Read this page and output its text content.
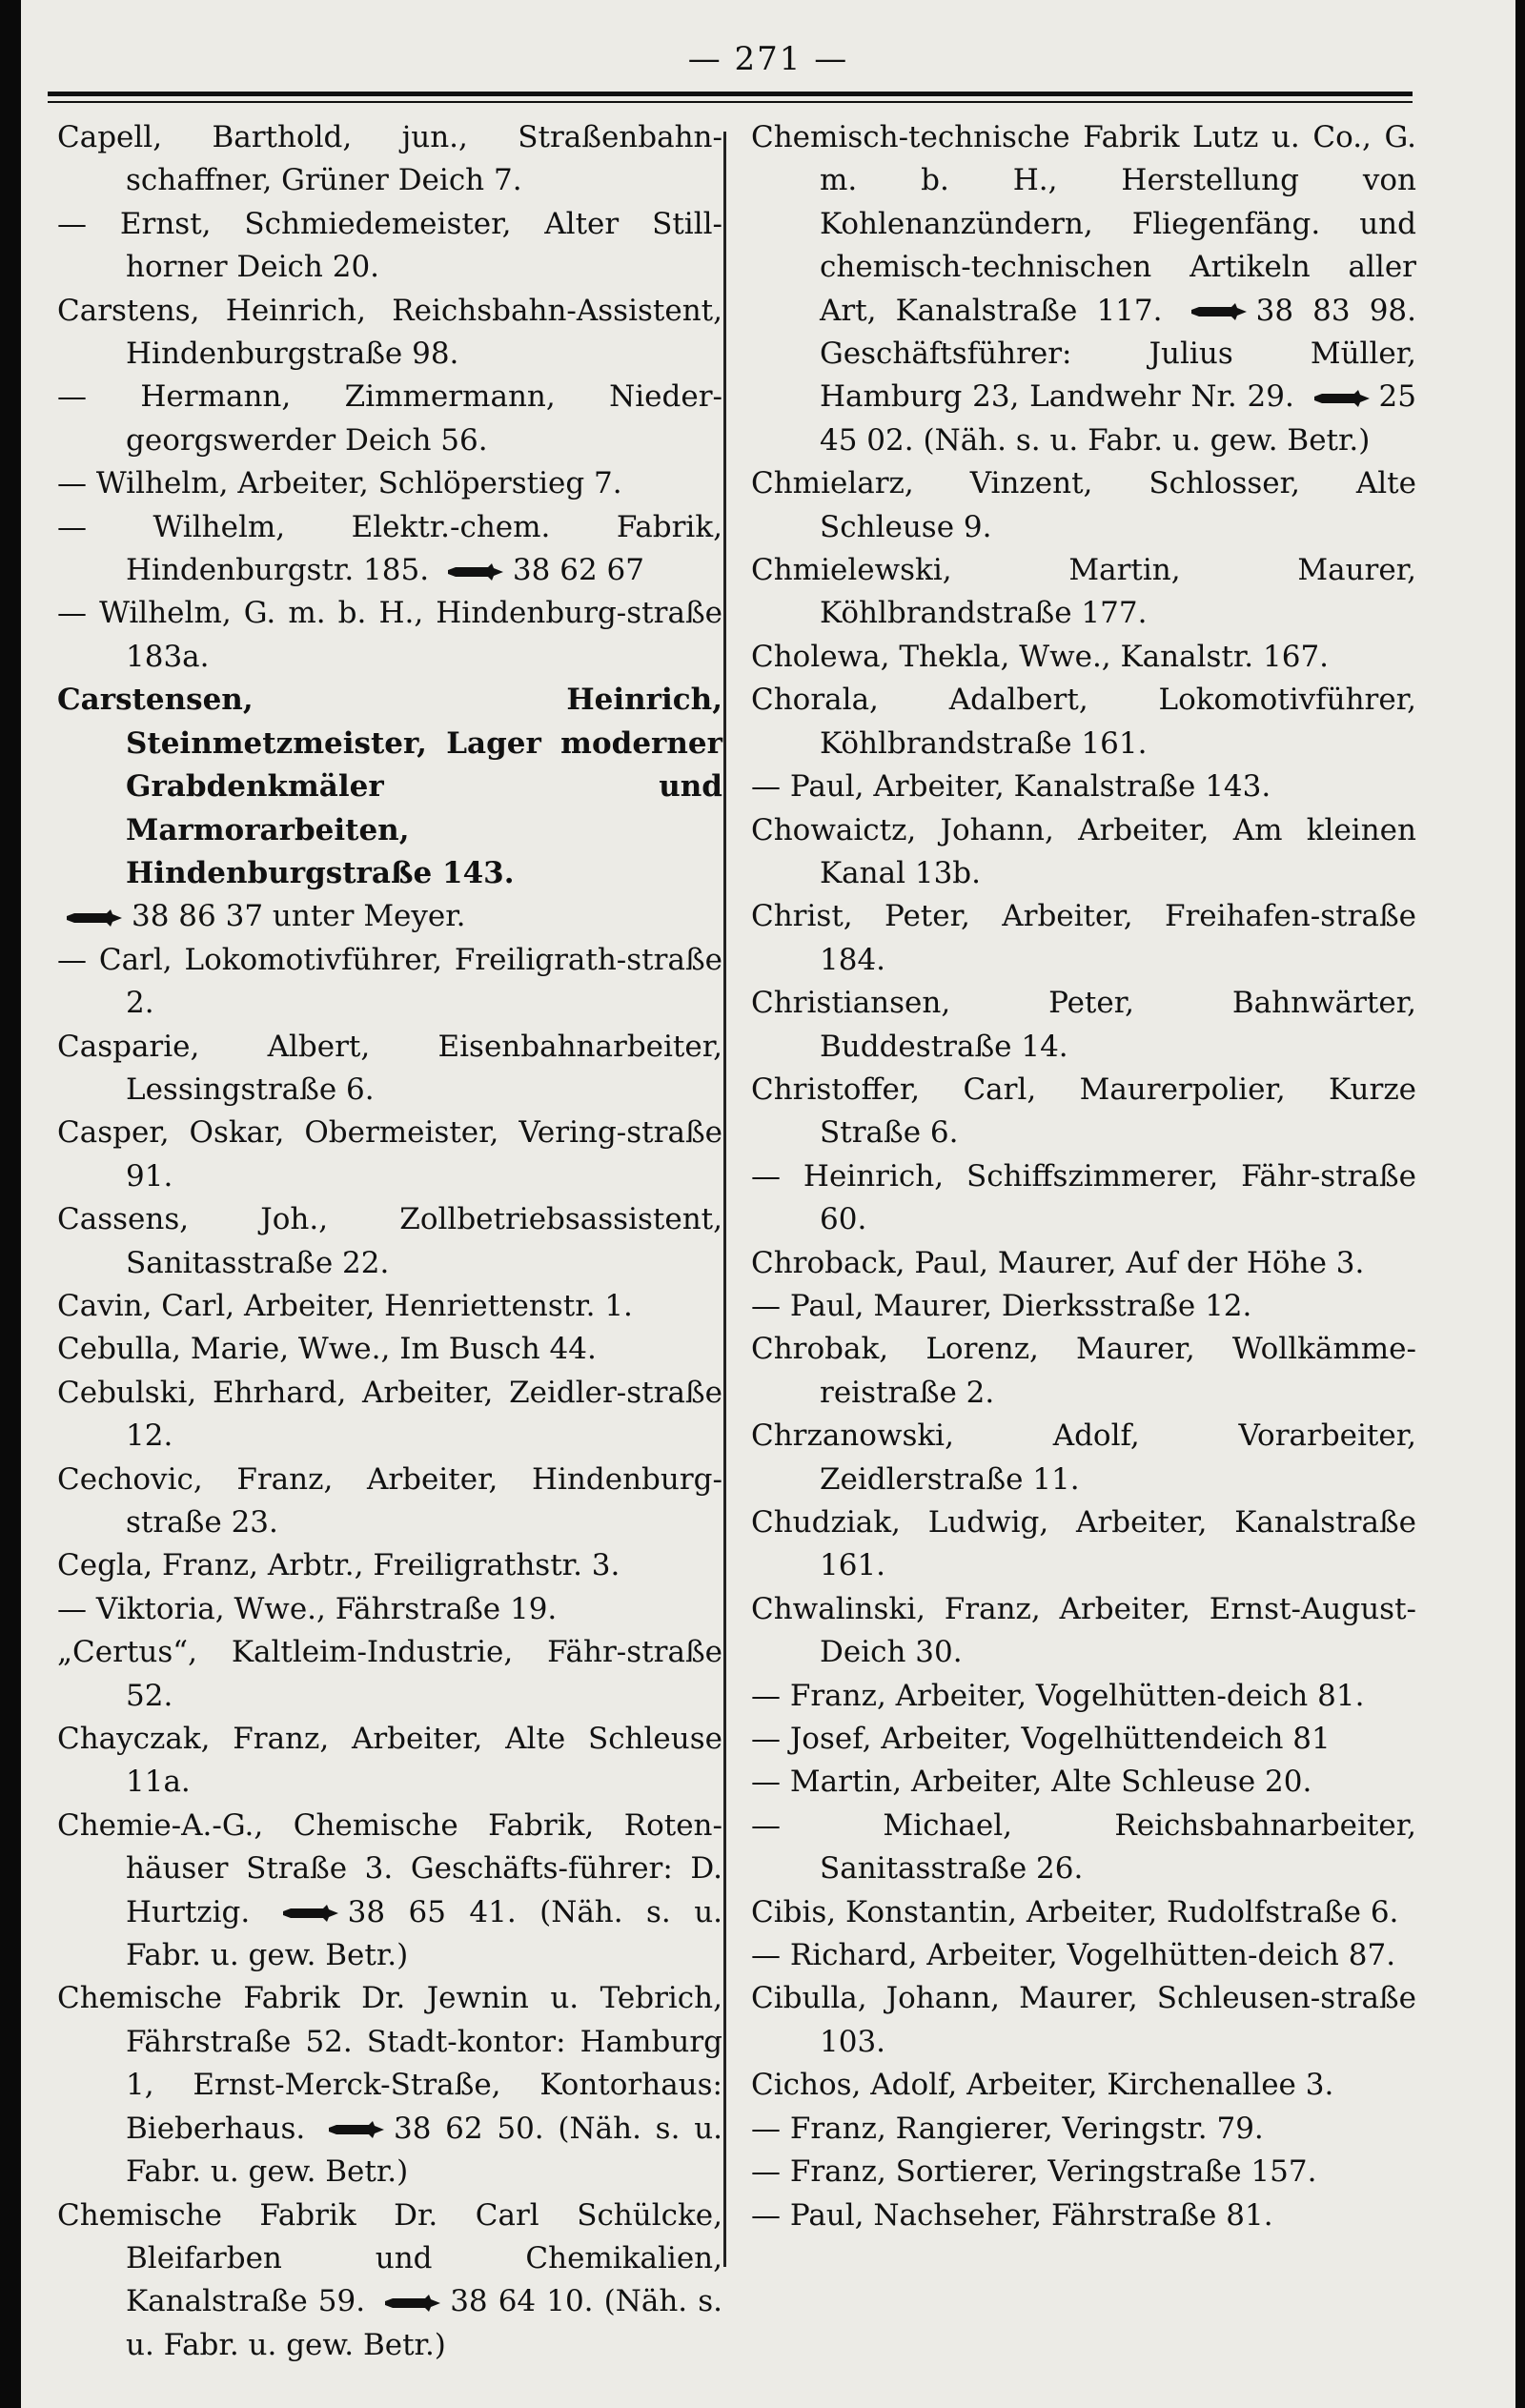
— 271 —

Capell, Barthold, jun., Straßenbahn-schaffner, Grüner Deich 7.

— Ernst, Schmiedemeister, Alter Still-horner Deich 20.

Carstens, Heinrich, Reichsbahn-Assistent, Hindenburgstraße 98.

— Hermann, Zimmermann, Nieder-georgswerder Deich 56.

— Wilhelm, Arbeiter, Schlöperstieg 7.

— Wilhelm, Elektr.-chem. Fabrik, Hindenburgstr. 185.	38 62 67

— Wilhelm, G. m. b. H., Hindenburg-straße 183a.

Carstensen, Heinrich, Steinmetzmeister, Lager moderner Grabdenkmäler und Marmorarbeiten, Hindenburgstraße 143.

38 86 37 unter Meyer.

— Carl, Lokomotivführer, Freiligrath-straße 2.

Casparie, Albert, Eisenbahnarbeiter, Lessingstraße 6.

Casper, Oskar, Obermeister, Vering-straße 91.

Cassens, Joh., Zollbetriebsassistent, Sanitasstraße 22.

Cavin, Carl, Arbeiter, Henriettenstr. 1.

Cebulla, Marie, Wwe., Im Busch 44.

Cebulski, Ehrhard, Arbeiter, Zeidler-straße 12.

Cechovic, Franz, Arbeiter, Hindenburg-straße 23.

Cegla, Franz, Arbtr., Freiligrathstr. 3.

— Viktoria, Wwe., Fährstraße 19.

„Certus“, Kaltleim-Industrie, Fähr-straße 52.

Chayczak, Franz, Arbeiter, Alte Schleuse 11a.

Chemie-A.-G., Chemische Fabrik, Roten-häuser Straße 3. Geschäfts-führer: D. Hurtzig.	38 65 41. (Näh. s. u. Fabr. u. gew. Betr.)

Chemische Fabrik Dr. Jewnin u. Tebrich, Fährstraße 52. Stadt-kontor: Hamburg 1, Ernst-Merck-Straße, Kontorhaus: Bieberhaus.	38 62 50. (Näh. s. u. Fabr. u. gew. Betr.)

Chemische Fabrik Dr. Carl Schülcke, Bleifarben und Chemikalien, Kanalstraße 59.	38 64 10. (Näh. s. u. Fabr. u. gew. Betr.)

Chemisch-technische Fabrik Lutz u. Co., G. m. b. H., Herstellung von Kohlenanzündern, Fliegenfäng. und chemisch-technischen Artikeln aller Art, Kanalstraße 117.	38 83 98. Geschäftsführer: Julius Müller, Hamburg 23, Landwehr Nr. 29.	25 45 02. (Näh. s. u. Fabr. u. gew. Betr.)

Chmielarz, Vinzent, Schlosser, Alte Schleuse 9.

Chmielewski, Martin, Maurer, Köhlbrandstraße 177.

Cholewa, Thekla, Wwe., Kanalstr. 167.

Chorala, Adalbert, Lokomotivführer, Köhlbrandstraße 161.

— Paul, Arbeiter, Kanalstraße 143.

Chowaictz, Johann, Arbeiter, Am kleinen Kanal 13b.

Christ, Peter, Arbeiter, Freihafen-straße 184.

Christiansen, Peter, Bahnwärter, Buddestraße 14.

Christoffer, Carl, Maurerpolier, Kurze Straße 6.

— Heinrich, Schiffszimmerer, Fähr-straße 60.

Chroback, Paul, Maurer, Auf der Höhe 3.

— Paul, Maurer, Dierksstraße 12.

Chrobak, Lorenz, Maurer, Wollkämme-reistraße 2.

Chrzanowski, Adolf, Vorarbeiter, Zeidlerstraße 11.

Chudziak, Ludwig, Arbeiter, Kanalstraße 161.

Chwalinski, Franz, Arbeiter, Ernst-August-Deich 30.

— Franz, Arbeiter, Vogelhütten-deich 81.

— Josef, Arbeiter, Vogelhüttendeich 81

— Martin, Arbeiter, Alte Schleuse 20.

— Michael, Reichsbahnarbeiter, Sanitasstraße 26.

Cibis, Konstantin, Arbeiter, Rudolfstraße 6.

— Richard, Arbeiter, Vogelhütten-deich 87.

Cibulla, Johann, Maurer, Schleusen-straße 103.

Cichos, Adolf, Arbeiter, Kirchenallee 3.

— Franz, Rangierer, Veringstr. 79.

— Franz, Sortierer, Veringstraße 157.

— Paul, Nachseher, Fährstraße 81.
